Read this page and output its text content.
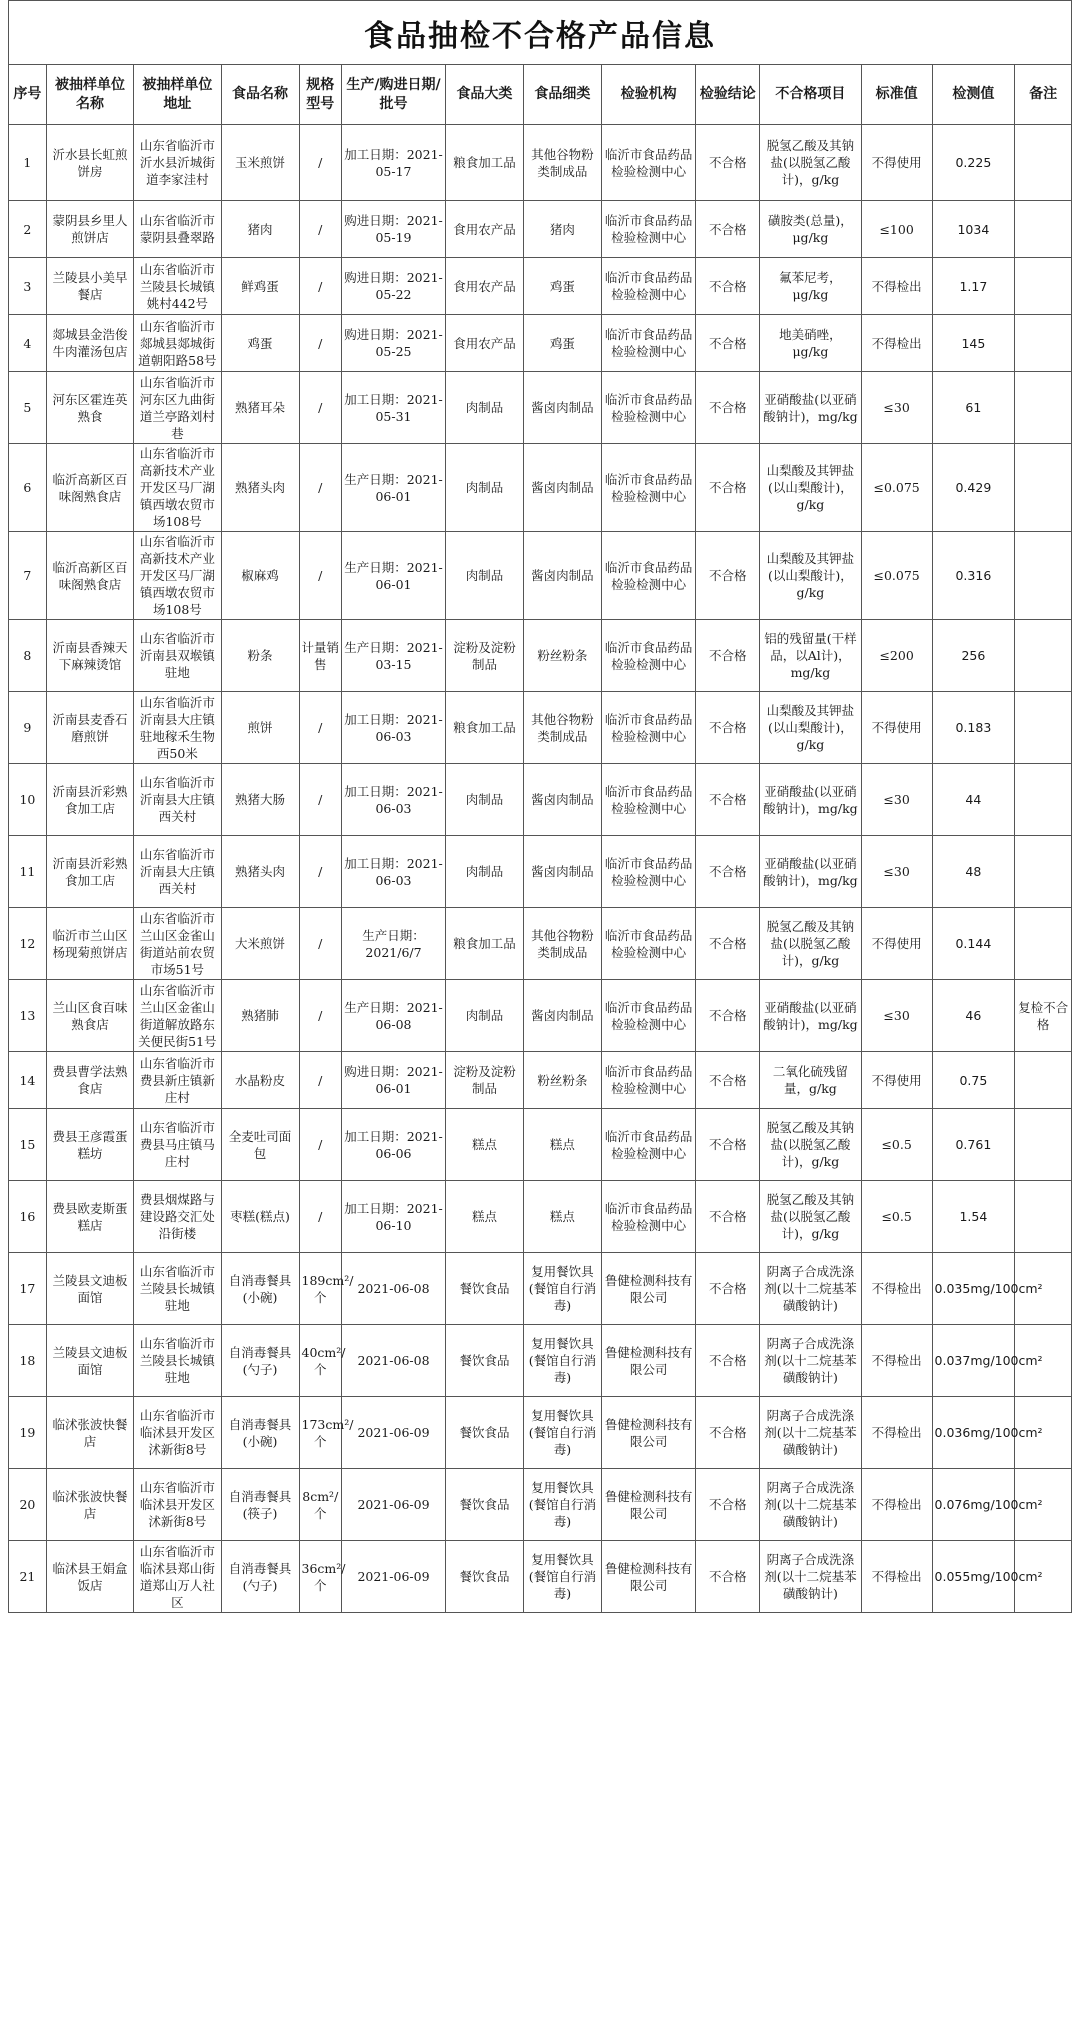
食品抽检不合格产品信息
序号	被抽样单位名称	被抽样单位地址	食品名称	规格型号	生产/购进日期/批号	食品大类	食品细类	检验机构	检验结论	不合格项目	标准值	检测值	备注
1	沂水县长虹煎饼房	山东省临沂市沂水县沂城街道李家洼村	玉米煎饼	/	加工日期：2021-05-17	粮食加工品	其他谷物粉类制成品	临沂市食品药品检验检测中心	不合格	脱氢乙酸及其钠盐(以脱氢乙酸计)，g/kg	不得使用	0.225	
2	蒙阴县乡里人煎饼店	山东省临沂市蒙阴县叠翠路	猪肉	/	购进日期：2021-05-19	食用农产品	猪肉	临沂市食品药品检验检测中心	不合格	磺胺类(总量)，μg/kg	≤100	1034	
3	兰陵县小美早餐店	山东省临沂市兰陵县长城镇姚村442号	鲜鸡蛋	/	购进日期：2021-05-22	食用农产品	鸡蛋	临沂市食品药品检验检测中心	不合格	氟苯尼考，μg/kg	不得检出	1.17	
4	郯城县金浩俊牛肉灌汤包店	山东省临沂市郯城县郯城街道朝阳路58号	鸡蛋	/	购进日期：2021-05-25	食用农产品	鸡蛋	临沂市食品药品检验检测中心	不合格	地美硝唑，μg/kg	不得检出	145	
5	河东区霍连英熟食	山东省临沂市河东区九曲街道兰亭路刘村巷	熟猪耳朵	/	加工日期：2021-05-31	肉制品	酱卤肉制品	临沂市食品药品检验检测中心	不合格	亚硝酸盐(以亚硝酸钠计)，mg/kg	≤30	61	
6	临沂高新区百味阁熟食店	山东省临沂市高新技术产业开发区马厂湖镇西墩农贸市场108号	熟猪头肉	/	生产日期：2021-06-01	肉制品	酱卤肉制品	临沂市食品药品检验检测中心	不合格	山梨酸及其钾盐(以山梨酸计)，g/kg	≤0.075	0.429	
7	临沂高新区百味阁熟食店	山东省临沂市高新技术产业开发区马厂湖镇西墩农贸市场108号	椒麻鸡	/	生产日期：2021-06-01	肉制品	酱卤肉制品	临沂市食品药品检验检测中心	不合格	山梨酸及其钾盐(以山梨酸计)，g/kg	≤0.075	0.316	
8	沂南县香辣天下麻辣烫馆	山东省临沂市沂南县双堠镇驻地	粉条	计量销售	生产日期：2021-03-15	淀粉及淀粉制品	粉丝粉条	临沂市食品药品检验检测中心	不合格	铝的残留量(干样品，以Al计)，mg/kg	≤200	256	
9	沂南县麦香石磨煎饼	山东省临沂市沂南县大庄镇驻地稼禾生物西50米	煎饼	/	加工日期：2021-06-03	粮食加工品	其他谷物粉类制成品	临沂市食品药品检验检测中心	不合格	山梨酸及其钾盐(以山梨酸计)，g/kg	不得使用	0.183	
10	沂南县沂彩熟食加工店	山东省临沂市沂南县大庄镇西关村	熟猪大肠	/	加工日期：2021-06-03	肉制品	酱卤肉制品	临沂市食品药品检验检测中心	不合格	亚硝酸盐(以亚硝酸钠计)，mg/kg	≤30	44	
11	沂南县沂彩熟食加工店	山东省临沂市沂南县大庄镇西关村	熟猪头肉	/	加工日期：2021-06-03	肉制品	酱卤肉制品	临沂市食品药品检验检测中心	不合格	亚硝酸盐(以亚硝酸钠计)，mg/kg	≤30	48	
12	临沂市兰山区杨现菊煎饼店	山东省临沂市兰山区金雀山街道站前农贸市场51号	大米煎饼	/	生产日期：2021/6/7	粮食加工品	其他谷物粉类制成品	临沂市食品药品检验检测中心	不合格	脱氢乙酸及其钠盐(以脱氢乙酸计)，g/kg	不得使用	0.144	
13	兰山区食百味熟食店	山东省临沂市兰山区金雀山街道解放路东关便民街51号	熟猪肺	/	生产日期：2021-06-08	肉制品	酱卤肉制品	临沂市食品药品检验检测中心	不合格	亚硝酸盐(以亚硝酸钠计)，mg/kg	≤30	46	复检不合格
14	费县曹学法熟食店	山东省临沂市费县新庄镇新庄村	水晶粉皮	/	购进日期：2021-06-01	淀粉及淀粉制品	粉丝粉条	临沂市食品药品检验检测中心	不合格	二氧化硫残留量，g/kg	不得使用	0.75	
15	费县王彦霞蛋糕坊	山东省临沂市费县马庄镇马庄村	全麦吐司面包	/	加工日期：2021-06-06	糕点	糕点	临沂市食品药品检验检测中心	不合格	脱氢乙酸及其钠盐(以脱氢乙酸计)，g/kg	≤0.5	0.761	
16	费县欧麦斯蛋糕店	费县烟煤路与建设路交汇处沿街楼	枣糕(糕点)	/	加工日期：2021-06-10	糕点	糕点	临沂市食品药品检验检测中心	不合格	脱氢乙酸及其钠盐(以脱氢乙酸计)，g/kg	≤0.5	1.54	
17	兰陵县文迪板面馆	山东省临沂市兰陵县长城镇驻地	自消毒餐具(小碗)	189cm²/个	2021-06-08	餐饮食品	复用餐饮具(餐馆自行消毒)	鲁健检测科技有限公司	不合格	阴离子合成洗涤剂(以十二烷基苯磺酸钠计)	不得检出	0.035mg/100cm²	
18	兰陵县文迪板面馆	山东省临沂市兰陵县长城镇驻地	自消毒餐具(勺子)	40cm²/个	2021-06-08	餐饮食品	复用餐饮具(餐馆自行消毒)	鲁健检测科技有限公司	不合格	阴离子合成洗涤剂(以十二烷基苯磺酸钠计)	不得检出	0.037mg/100cm²	
19	临沭张波快餐店	山东省临沂市临沭县开发区沭新街8号	自消毒餐具(小碗)	173cm²/个	2021-06-09	餐饮食品	复用餐饮具(餐馆自行消毒)	鲁健检测科技有限公司	不合格	阴离子合成洗涤剂(以十二烷基苯磺酸钠计)	不得检出	0.036mg/100cm²	
20	临沭张波快餐店	山东省临沂市临沭县开发区沭新街8号	自消毒餐具(筷子)	8cm²/个	2021-06-09	餐饮食品	复用餐饮具(餐馆自行消毒)	鲁健检测科技有限公司	不合格	阴离子合成洗涤剂(以十二烷基苯磺酸钠计)	不得检出	0.076mg/100cm²	
21	临沭县王娟盒饭店	山东省临沂市临沭县郑山街道郑山万人社区	自消毒餐具(勺子)	36cm²/个	2021-06-09	餐饮食品	复用餐饮具(餐馆自行消毒)	鲁健检测科技有限公司	不合格	阴离子合成洗涤剂(以十二烷基苯磺酸钠计)	不得检出	0.055mg/100cm²	
